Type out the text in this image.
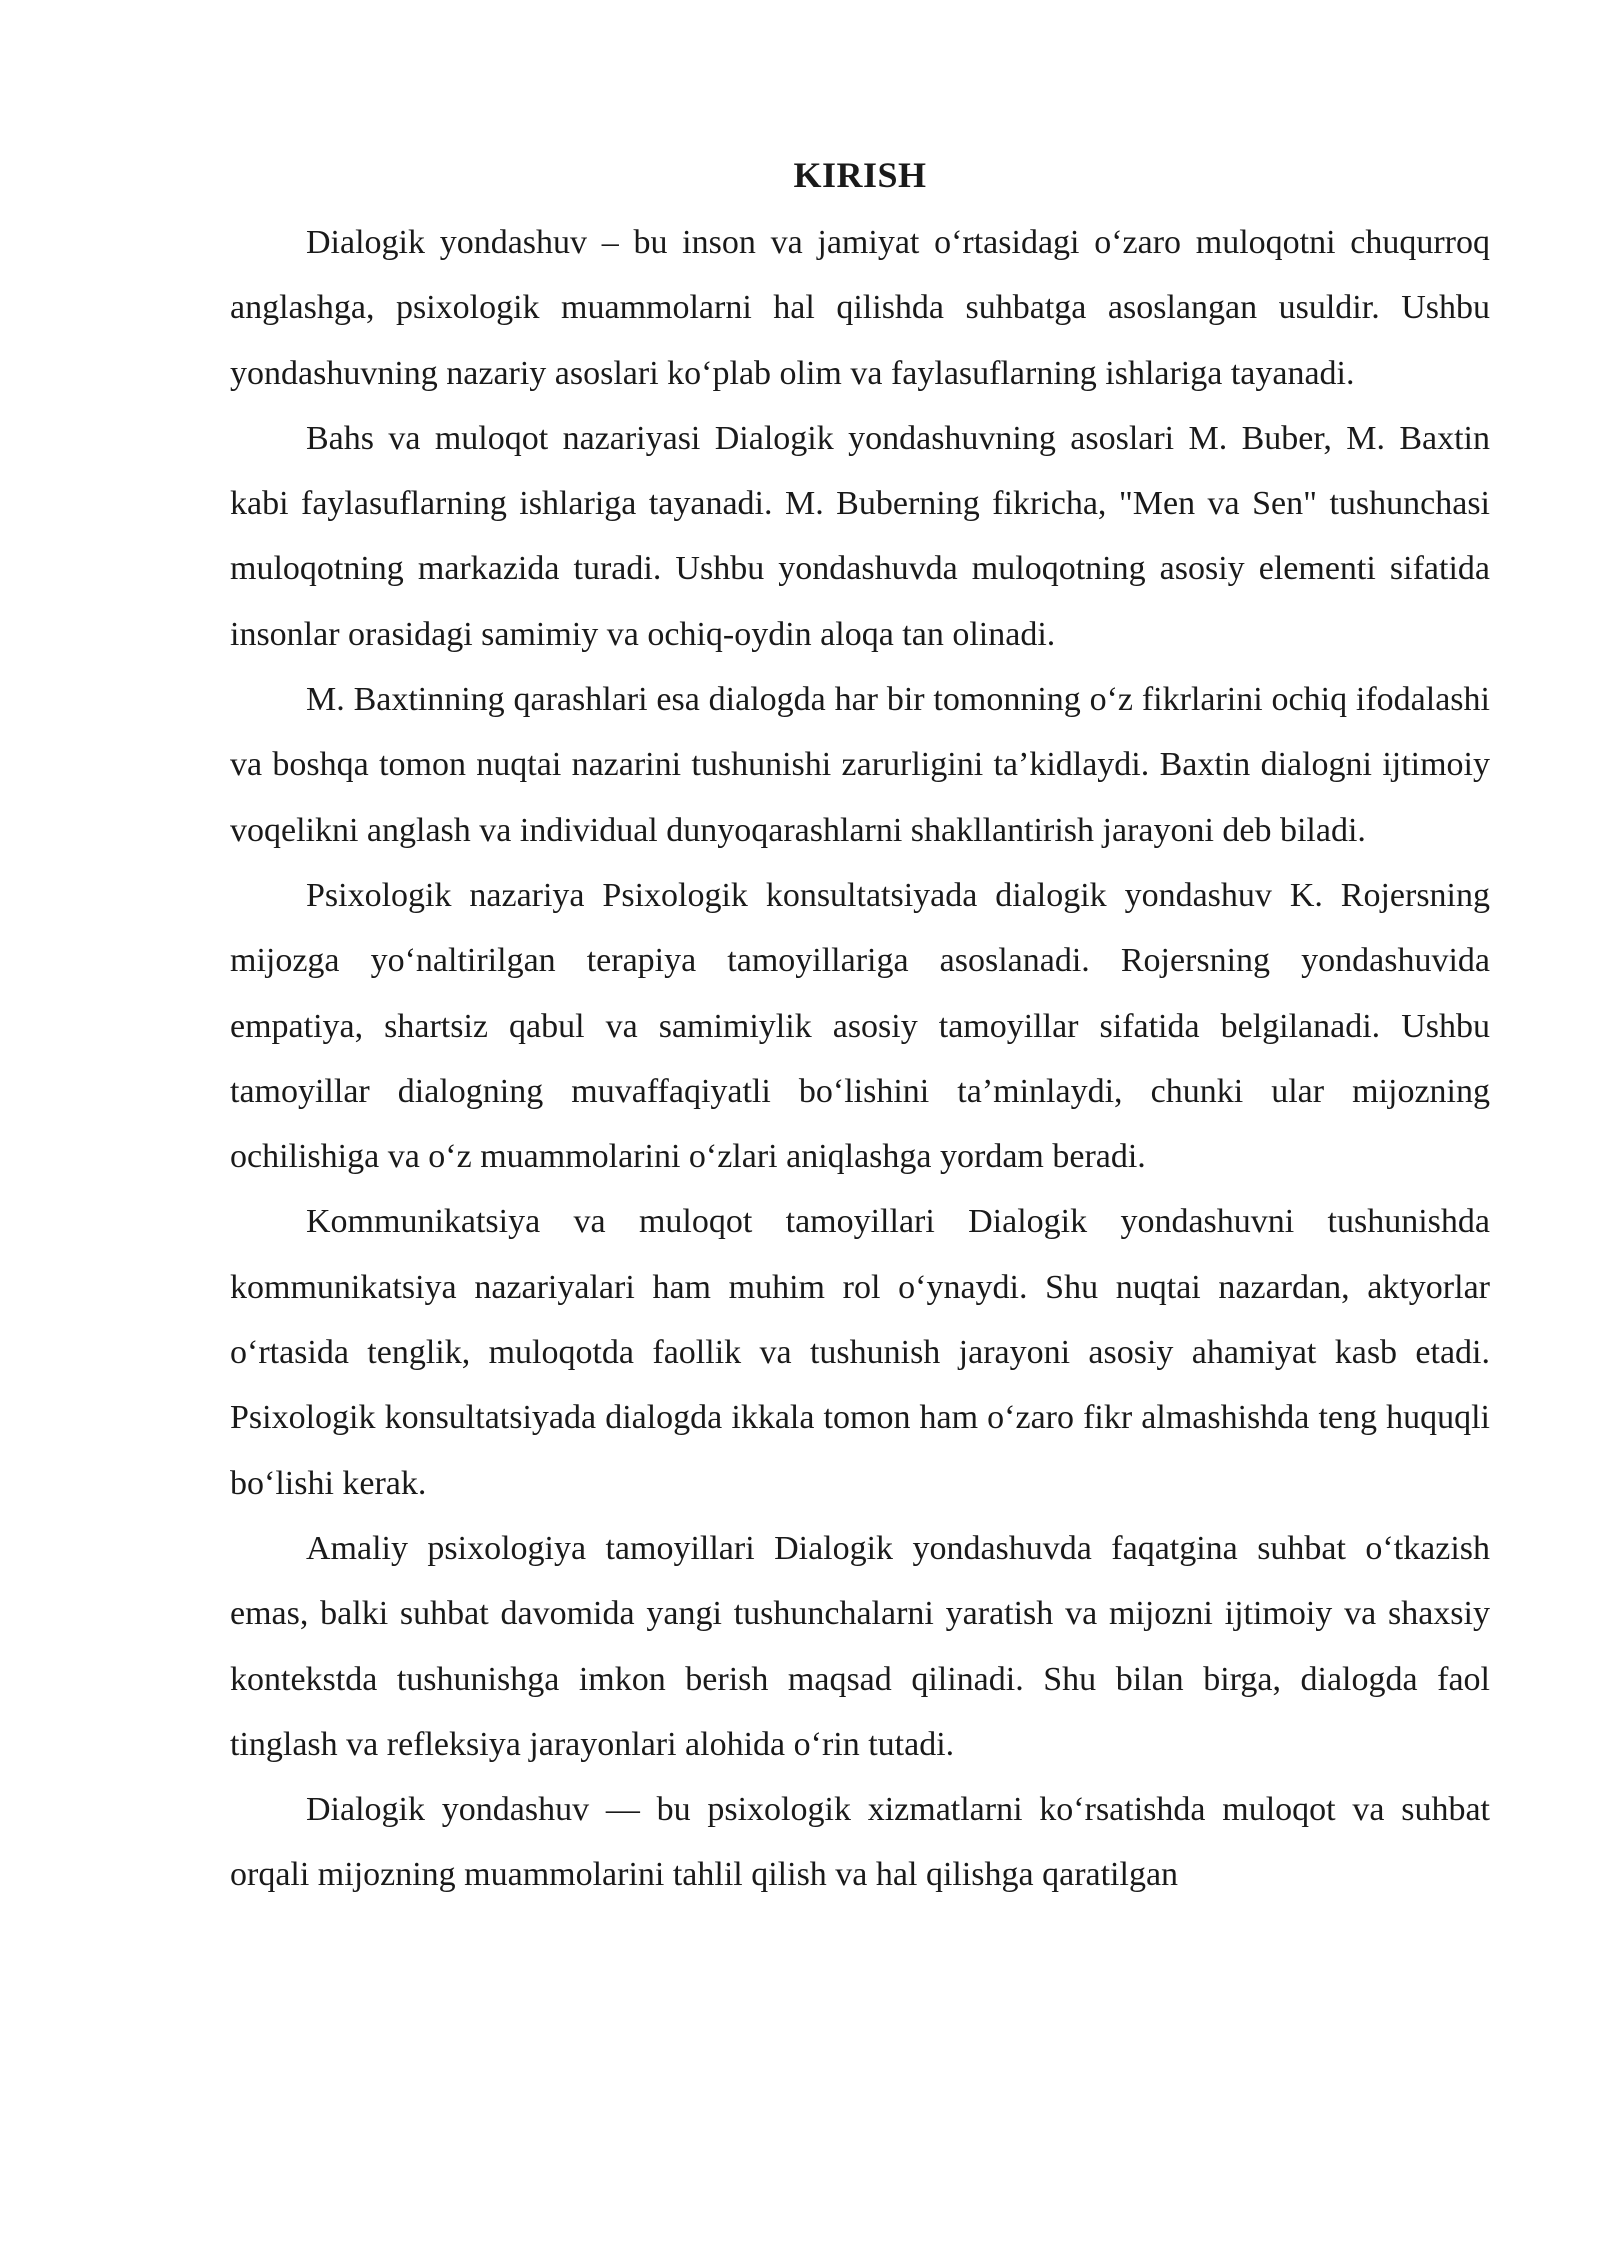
KIRISH

Dialogik yondashuv – bu inson va jamiyat o‘rtasidagi o‘zaro muloqotni chuqurroq anglashga, psixologik muammolarni hal qilishda suhbatga asoslangan usuldir. Ushbu yondashuvning nazariy asoslari ko‘plab olim va faylasuflarning ishlariga tayanadi.

Bahs va muloqot nazariyasi Dialogik yondashuvning asoslari M. Buber, M. Baxtin kabi faylasuflarning ishlariga tayanadi. M. Buberning fikricha, "Men va Sen" tushunchasi muloqotning markazida turadi. Ushbu yondashuvda muloqotning asosiy elementi sifatida insonlar orasidagi samimiy va ochiq-oydin aloqa tan olinadi.

M. Baxtinning qarashlari esa dialogda har bir tomonning o‘z fikrlarini ochiq ifodalashi va boshqa tomon nuqtai nazarini tushunishi zarurligini ta’kidlaydi. Baxtin dialogni ijtimoiy voqelikni anglash va individual dunyoqarashlarni shakllantirish jarayoni deb biladi.

Psixologik nazariya Psixologik konsultatsiyada dialogik yondashuv K. Rojersning mijozga yo‘naltirilgan terapiya tamoyillariga asoslanadi. Rojersning yondashuvida empatiya, shartsiz qabul va samimiylik asosiy tamoyillar sifatida belgilanadi. Ushbu tamoyillar dialogning muvaffaqiyatli bo‘lishini ta’minlaydi, chunki ular mijozning ochilishiga va o‘z muammolarini o‘zlari aniqlashga yordam beradi.

Kommunikatsiya va muloqot tamoyillari Dialogik yondashuvni tushunishda kommunikatsiya nazariyalari ham muhim rol o‘ynaydi. Shu nuqtai nazardan, aktyorlar o‘rtasida tenglik, muloqotda faollik va tushunish jarayoni asosiy ahamiyat kasb etadi. Psixologik konsultatsiyada dialogda ikkala tomon ham o‘zaro fikr almashishda teng huquqli bo‘lishi kerak.

Amaliy psixologiya tamoyillari Dialogik yondashuvda faqatgina suhbat o‘tkazish emas, balki suhbat davomida yangi tushunchalarni yaratish va mijozni ijtimoiy va shaxsiy kontekstda tushunishga imkon berish maqsad qilinadi. Shu bilan birga, dialogda faol tinglash va refleksiya jarayonlari alohida o‘rin tutadi.

Dialogik yondashuv — bu psixologik xizmatlarni ko‘rsatishda muloqot va suhbat orqali mijozning muammolarini tahlil qilish va hal qilishga qaratilgan
